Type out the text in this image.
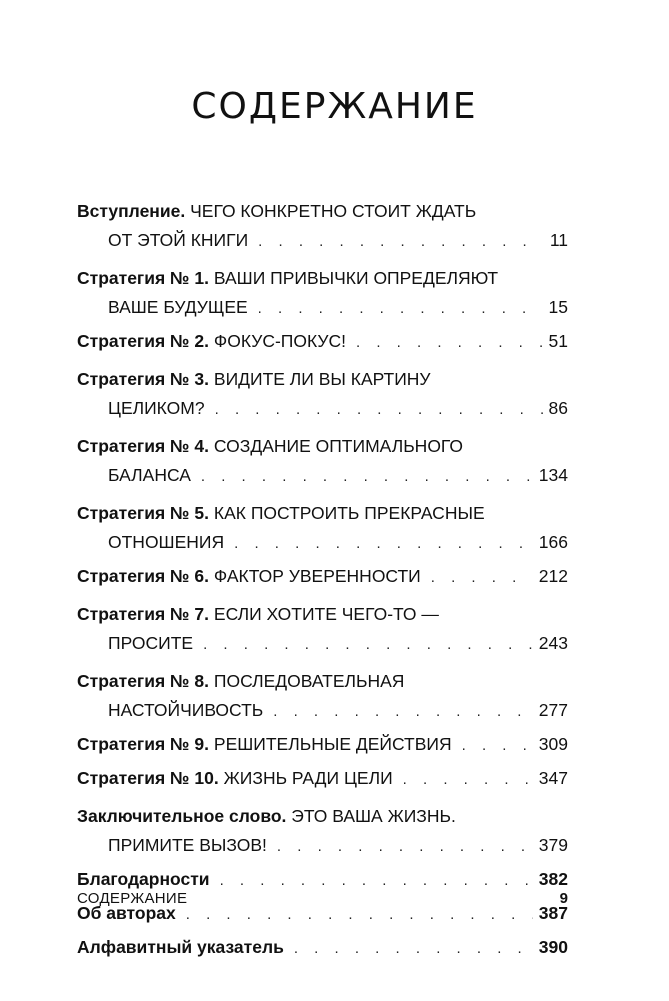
СОДЕРЖАНИЕ
Вступление.
ЧЕГО КОНКРЕТНО СТОИТ ЖДАТЬ
ОТ ЭТОЙ КНИГИ . . .	11
Стратегия № 1.
ВАШИ ПРИВЫЧКИ ОПРЕДЕЛЯЮТ
ВАШЕ БУДУЩЕЕ . . .	15
Стратегия № 2.
ФОКУС-ПОКУС! . . .	51
Стратегия № 3.
ВИДИТЕ ЛИ ВЫ КАРТИНУ
ЦЕЛИКОМ? . . .	86
Стратегия № 4.
СОЗДАНИЕ ОПТИМАЛЬНОГО
БАЛАНСА . . .	134
Стратегия № 5.
КАК ПОСТРОИТЬ ПРЕКРАСНЫЕ
ОТНОШЕНИЯ . . .	166
Стратегия № 6.
ФАКТОР УВЕРЕННОСТИ . . .	212
Стратегия № 7.
ЕСЛИ ХОТИТЕ ЧЕГО-ТО —
ПРОСИТЕ . . .	243
Стратегия № 8.
ПОСЛЕДОВАТЕЛЬНАЯ
НАСТОЙЧИВОСТЬ . . .	277
Стратегия № 9.
РЕШИТЕЛЬНЫЕ ДЕЙСТВИЯ . . .	309
Стратегия № 10.
ЖИЗНЬ РАДИ ЦЕЛИ . . .	347
Заключительное слово.
ЭТО ВАША ЖИЗНЬ.
ПРИМИТЕ ВЫЗОВ! . . .	379
Благодарности . . .	382
Об авторах . . .	387
Алфавитный указатель . . .	390
СОДЕРЖАНИЕ	9
